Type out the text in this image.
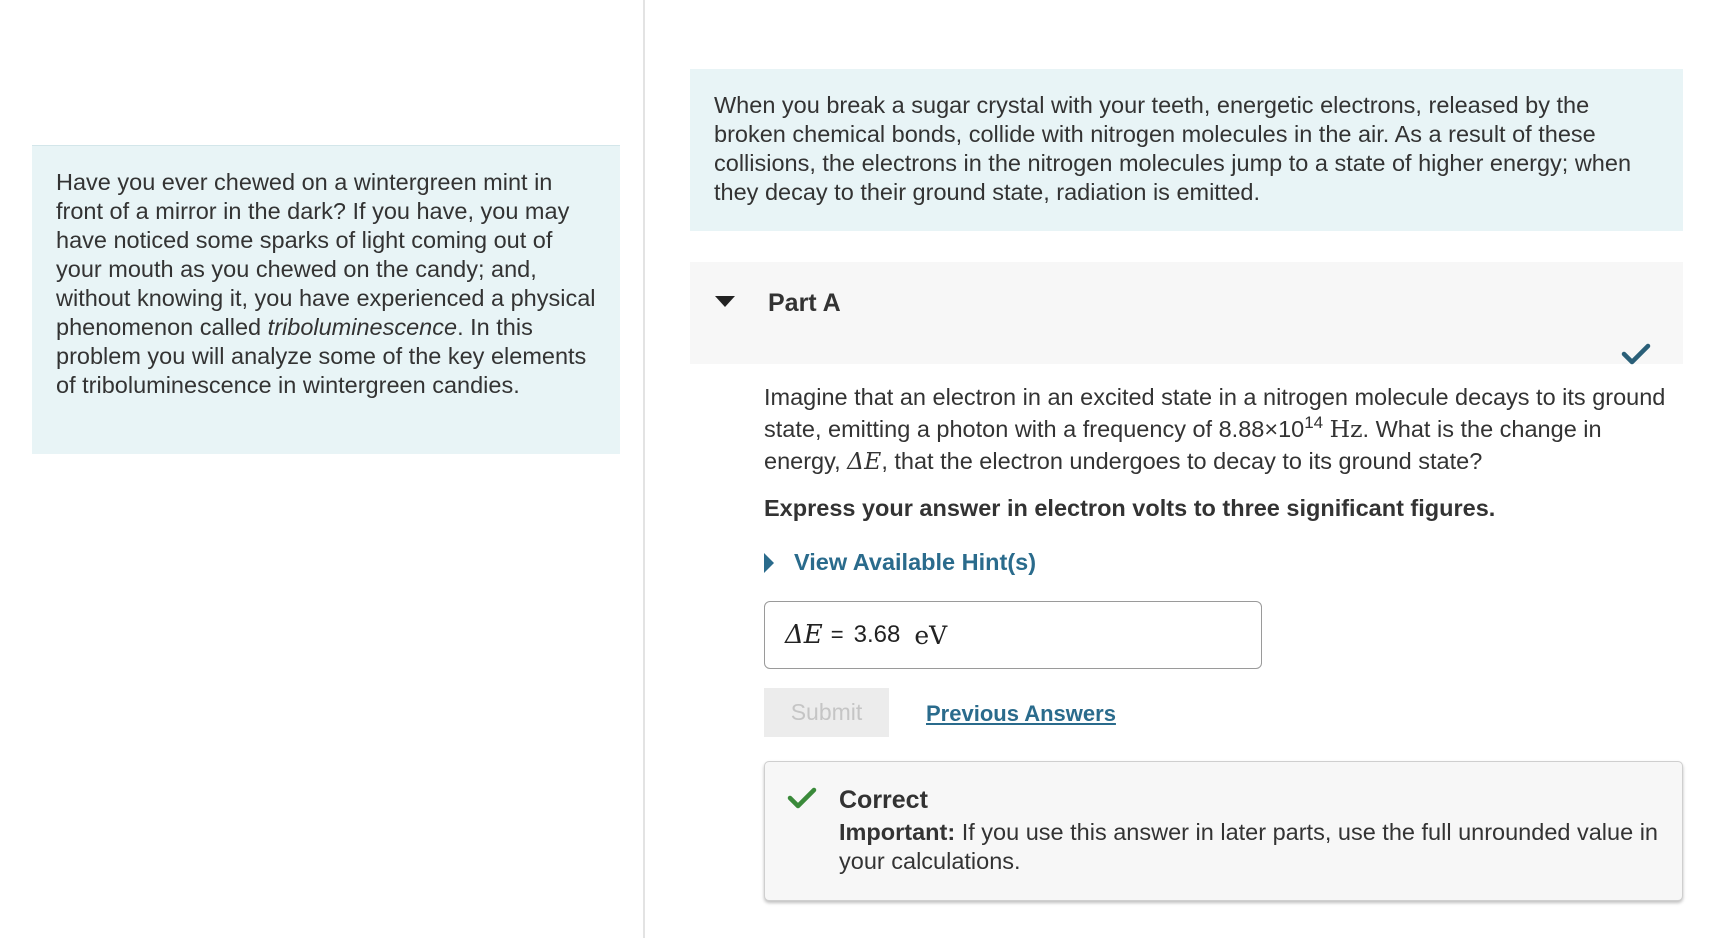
Have you ever chewed on a wintergreen mint in front of a mirror in the dark? If you have, you may have noticed some sparks of light coming out of your mouth as you chewed on the candy; and, without knowing it, you have experienced a physical phenomenon called triboluminescence. In this problem you will analyze some of the key elements of triboluminescence in wintergreen candies.
When you break a sugar crystal with your teeth, energetic electrons, released by the broken chemical bonds, collide with nitrogen molecules in the air. As a result of these collisions, the electrons in the nitrogen molecules jump to a state of higher energy; when they decay to their ground state, radiation is emitted.
Part A
Imagine that an electron in an excited state in a nitrogen molecule decays to its ground state, emitting a photon with a frequency of $8.88\times 10^{14}$ Hz. What is the change in energy, ΔE, that the electron undergoes to decay to its ground state?
Express your answer in electron volts to three significant figures.
View Available Hint(s)
ΔE = 3.68 eV
Submit	Previous Answers
Correct
Important: If you use this answer in later parts, use the full unrounded value in your calculations.
